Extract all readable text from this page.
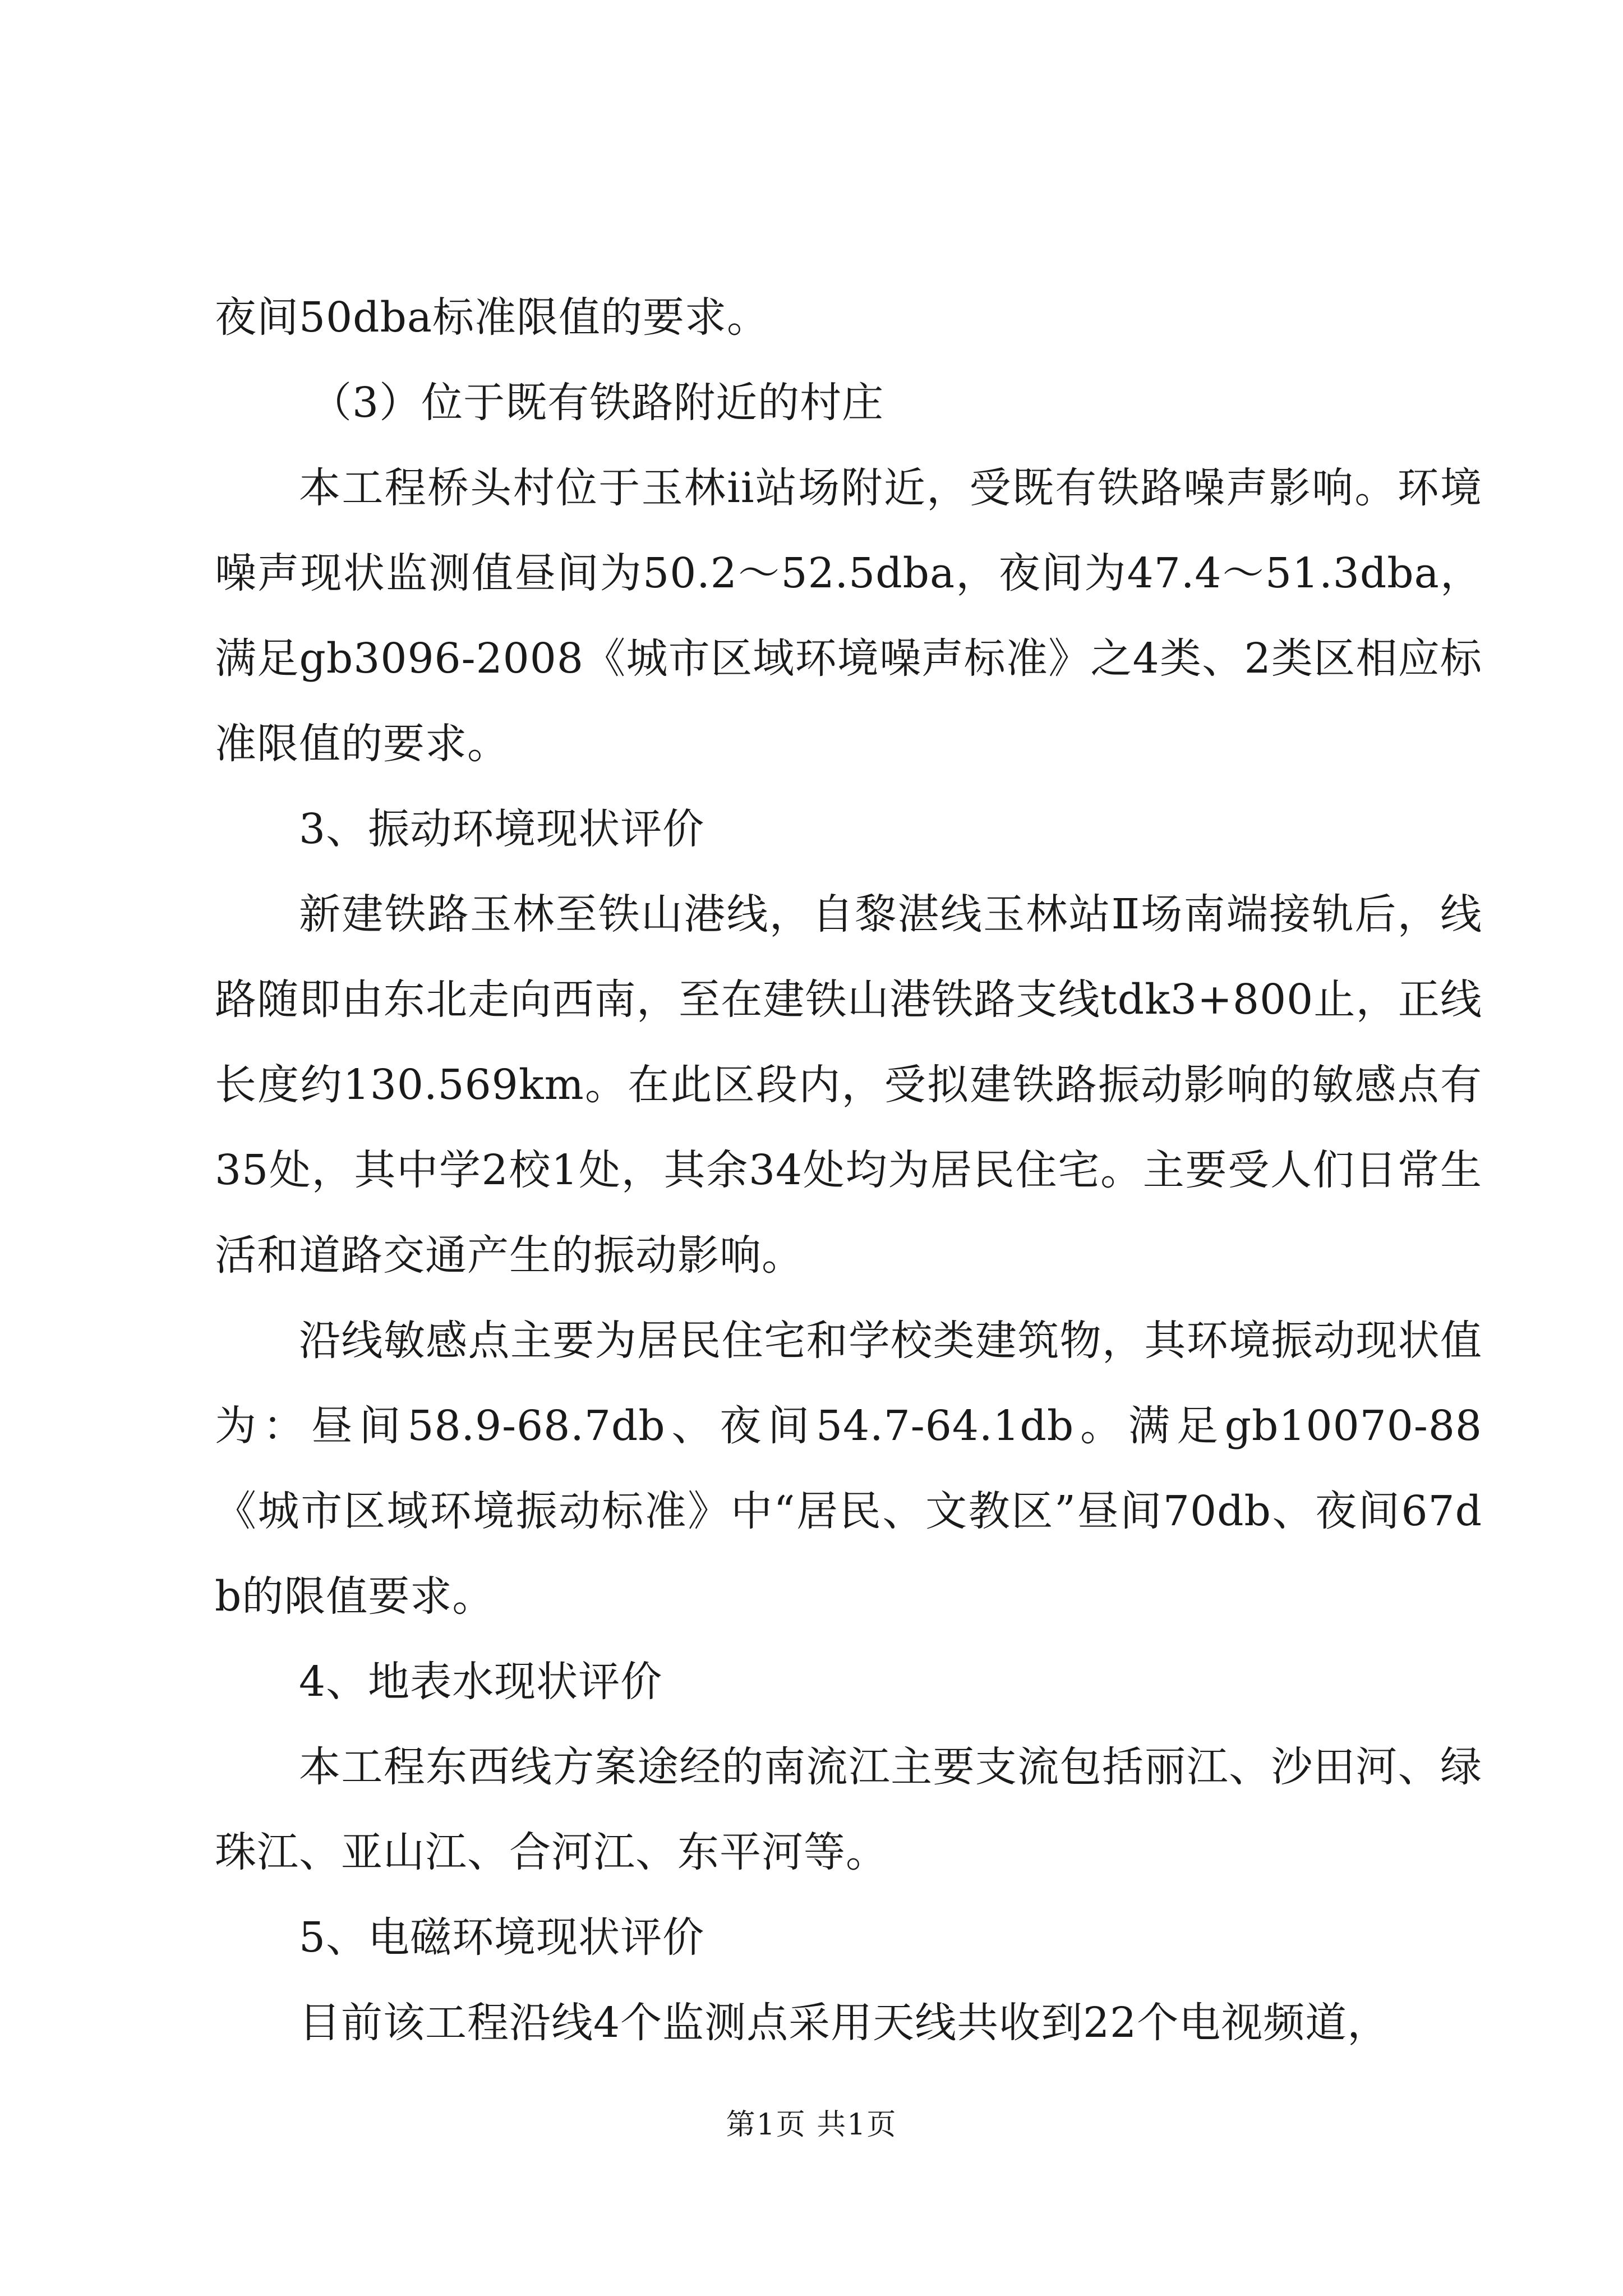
夜间50dba标准限值的要求。

（3）位于既有铁路附近的村庄

本工程桥头村位于玉林ii站场附近，受既有铁路噪声影响。环境噪声现状监测值昼间为50.2～52.5dba，夜间为47.4～51.3dba，满足gb3096-2008《城市区域环境噪声标准》之4类、2类区相应标准限值的要求。

3、振动环境现状评价

新建铁路玉林至铁山港线，自黎湛线玉林站Ⅱ场南端接轨后，线路随即由东北走向西南，至在建铁山港铁路支线tdk3+800止，正线长度约130.569km。在此区段内，受拟建铁路振动影响的敏感点有35处，其中学2校1处，其余34处均为居民住宅。主要受人们日常生活和道路交通产生的振动影响。

沿线敏感点主要为居民住宅和学校类建筑物，其环境振动现状值为：昼间58.9-68.7db、夜间54.7-64.1db。满足gb10070-88《城市区域环境振动标准》中“居民、文教区”昼间70db、夜间67db的限值要求。

4、地表水现状评价

本工程东西线方案途经的南流江主要支流包括丽江、沙田河、绿珠江、亚山江、合河江、东平河等。

5、电磁环境现状评价

目前该工程沿线4个监测点采用天线共收到22个电视频道，

第1页 共1页
